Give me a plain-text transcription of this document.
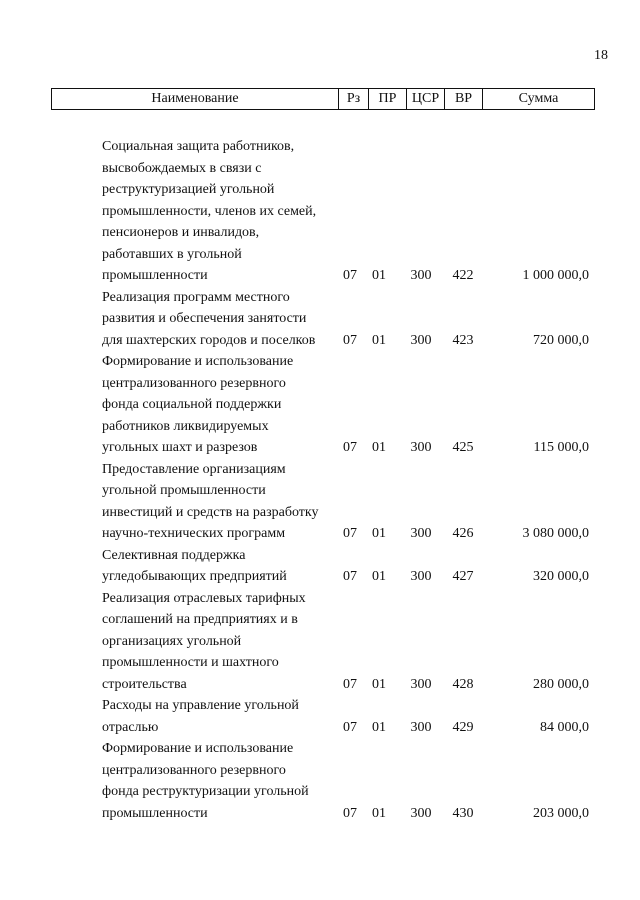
18
Наименование	Рз	ПР	ЦСР	ВР	Сумма
Социальная защита работников,
высвобождаемых в связи с
реструктуризацией угольной
промышленности, членов их семей,
пенсионеров и инвалидов,
работавших в угольной
промышленности	07 01	300	422	1 000 000,0
Реализация программ местного
развития и обеспечения занятости
для шахтерских городов и поселков	07 01	300	423	720 000,0
Формирование и использование
централизованного резервного
фонда социальной поддержки
работников ликвидируемых
угольных шахт и разрезов	07 01	300	425	115 000,0
Предоставление организациям
угольной промышленности
инвестиций и средств на разработку
научно-технических программ	07 01	300	426	3 080 000,0
Селективная поддержка
угледобывающих предприятий	07 01	300	427	320 000,0
Реализация отраслевых тарифных
соглашений на предприятиях и в
организациях угольной
промышленности и шахтного
строительства	07 01	300	428	280 000,0
Расходы на управление угольной
отраслью	07 01	300	429	84 000,0
Формирование и использование
централизованного резервного
фонда реструктуризации угольной
промышленности	07 01	300	430	203 000,0
